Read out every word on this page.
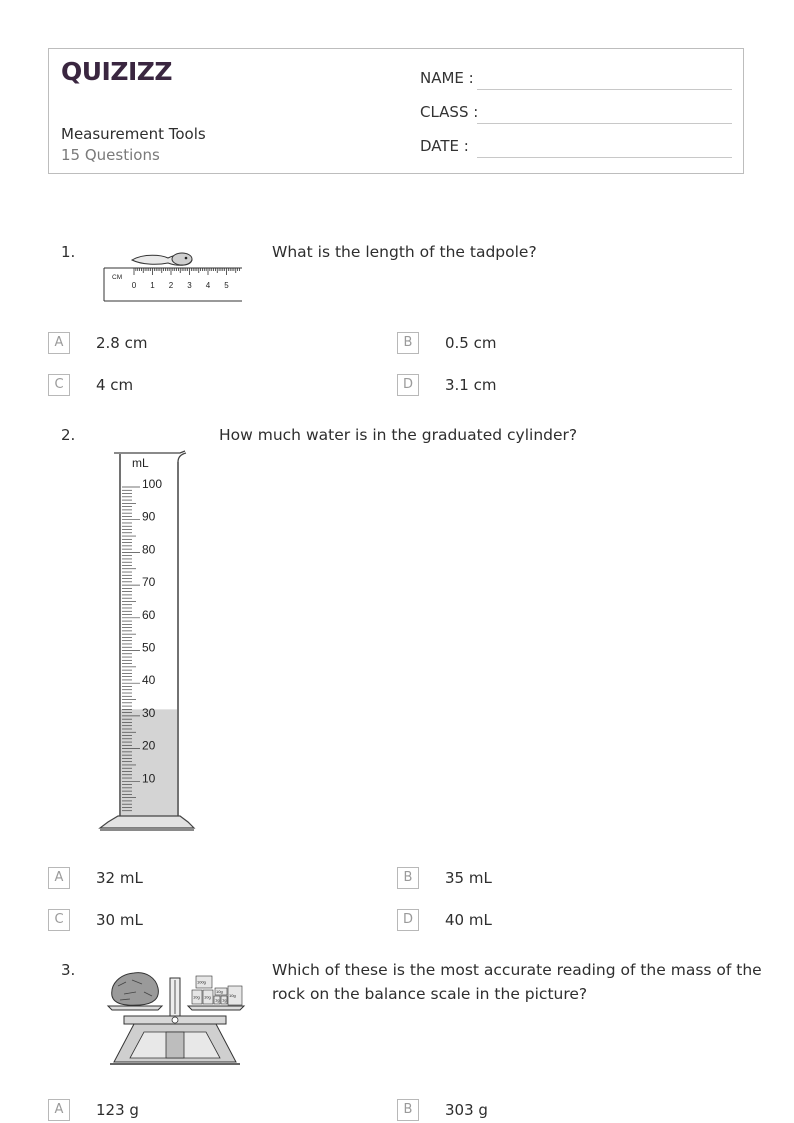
QUIZIZZ
Measurement Tools
15 Questions
NAME :
CLASS :
DATE :
1.	What is the length of the tadpole?
CM
0 1 2 3 4 5
A	2.8 cm	B	0.5 cm
C	4 cm	D	3.1 cm
2.	How much water is in the graduated cylinder?
mL
100
90
80
70
60
50
40
30
20
10
A	32 mL	B	35 mL
C	30 mL	D	40 mL
3.	Which of these is the most accurate reading of the mass of the
rock on the balance scale in the picture?
100g
10g 10g
1g 1g
10g
10g
A	123 g	B	303 g
